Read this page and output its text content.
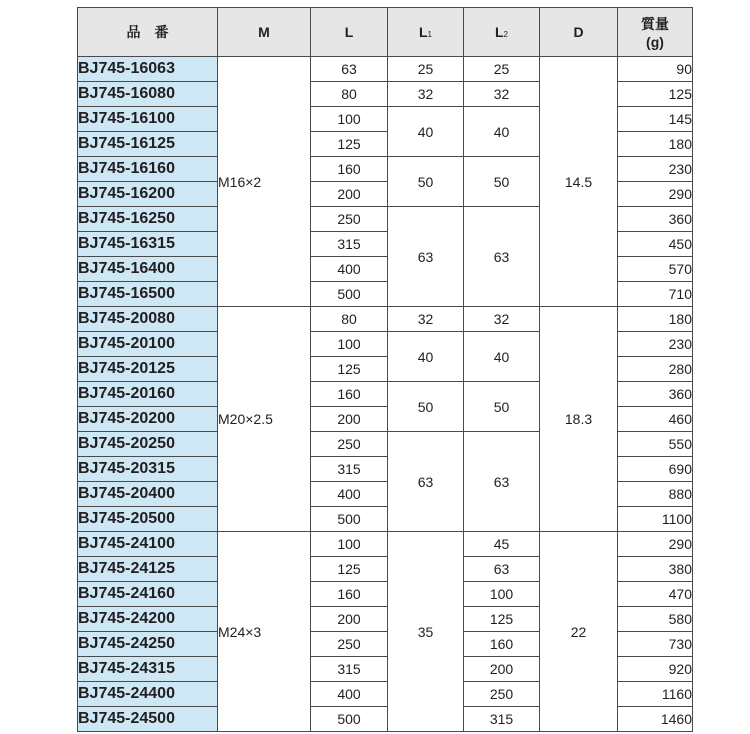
品　番	M	L	L1	L2	D	質量
(g)
BJ745-16063	M16×2	63	25	25	14.5	90
BJ745-16080		80	32	32		125
BJ745-16100		100	40	40		145
BJ745-16125		125				180
BJ745-16160		160	50	50		230
BJ745-16200		200				290
BJ745-16250		250	63	63		360
BJ745-16315		315				450
BJ745-16400		400				570
BJ745-16500		500				710
BJ745-20080	M20×2.5	80	32	32	18.3	180
BJ745-20100		100	40	40		230
BJ745-20125		125				280
BJ745-20160		160	50	50		360
BJ745-20200		200				460
BJ745-20250		250	63	63		550
BJ745-20315		315				690
BJ745-20400		400				880
BJ745-20500		500				1100
BJ745-24100	M24×3	100	35	45	22	290
BJ745-24125		125		63		380
BJ745-24160		160		100		470
BJ745-24200		200		125		580
BJ745-24250		250		160		730
BJ745-24315		315		200		920
BJ745-24400		400		250		1160
BJ745-24500		500		315		1460
